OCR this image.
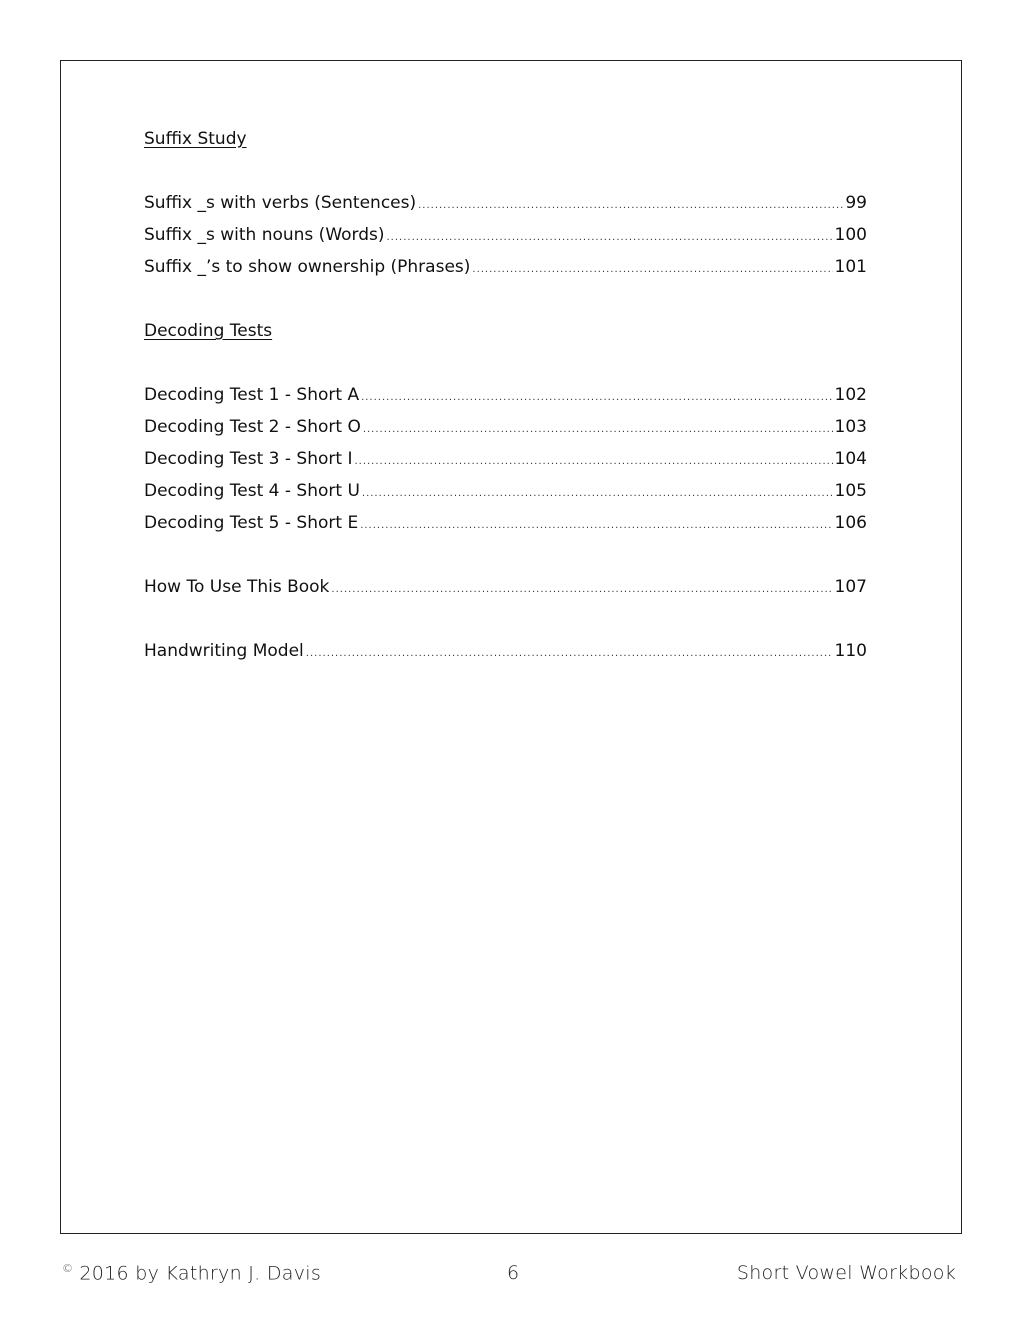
Suffix Study
Suffix _s with verbs (Sentences) .....	99
Suffix _s with nouns (Words) .....	100
Suffix _’s to show ownership (Phrases) .....	101
Decoding Tests
Decoding Test 1 - Short A .....	102
Decoding Test 2 - Short O .....	103
Decoding Test 3 - Short I .....	104
Decoding Test 4 - Short U .....	105
Decoding Test 5 - Short E .....	106
How To Use This Book .....	107
Handwriting Model .....	110
© 2016 by Kathryn J. Davis	6	Short Vowel Workbook
